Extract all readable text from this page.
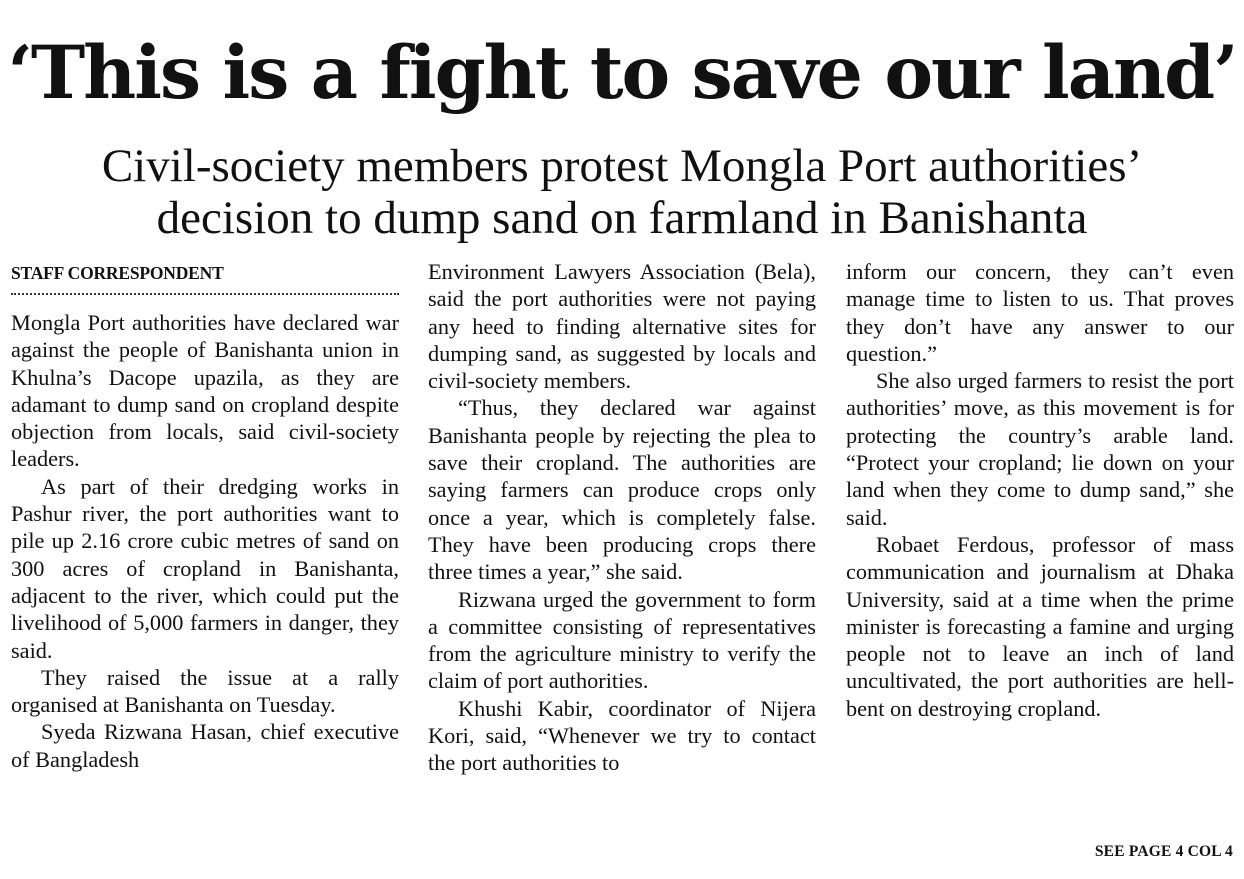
‘This is a fight to save our land’
Civil-society members protest Mongla Port authorities’
decision to dump sand on farmland in Banishanta
STAFF CORRESPONDENT

Mongla Port authorities have declared war against the people of Banishanta union in Khulna’s Dacope upazila, as they are adamant to dump sand on cropland despite objection from locals, said civil-society leaders.

As part of their dredging works in Pashur river, the port authorities want to pile up 2.16 crore cubic metres of sand on 300 acres of cropland in Banishanta, adjacent to the river, which could put the livelihood of 5,000 farmers in danger, they said.

They raised the issue at a rally organised at Banishanta on Tuesday.

Syeda Rizwana Hasan, chief executive of Bangladesh

Environment Lawyers Association (Bela), said the port authorities were not paying any heed to finding alternative sites for dumping sand, as suggested by locals and civil-society members.

“Thus, they declared war against Banishanta people by rejecting the plea to save their cropland. The authorities are saying farmers can produce crops only once a year, which is completely false. They have been producing crops there three times a year,” she said.

Rizwana urged the government to form a committee consisting of representatives from the agriculture ministry to verify the claim of port authorities.

Khushi Kabir, coordinator of Nijera Kori, said, “Whenever we try to contact the port authorities to

inform our concern, they can’t even manage time to listen to us. That proves they don’t have any answer to our question.”

She also urged farmers to resist the port authorities’ move, as this movement is for protecting the country’s arable land. “Protect your cropland; lie down on your land when they come to dump sand,” she said.

Robaet Ferdous, professor of mass communication and journalism at Dhaka University, said at a time when the prime minister is forecasting a famine and urging people not to leave an inch of land uncultivated, the port authorities are hell-bent on destroying cropland.

SEE PAGE 4 COL 4
